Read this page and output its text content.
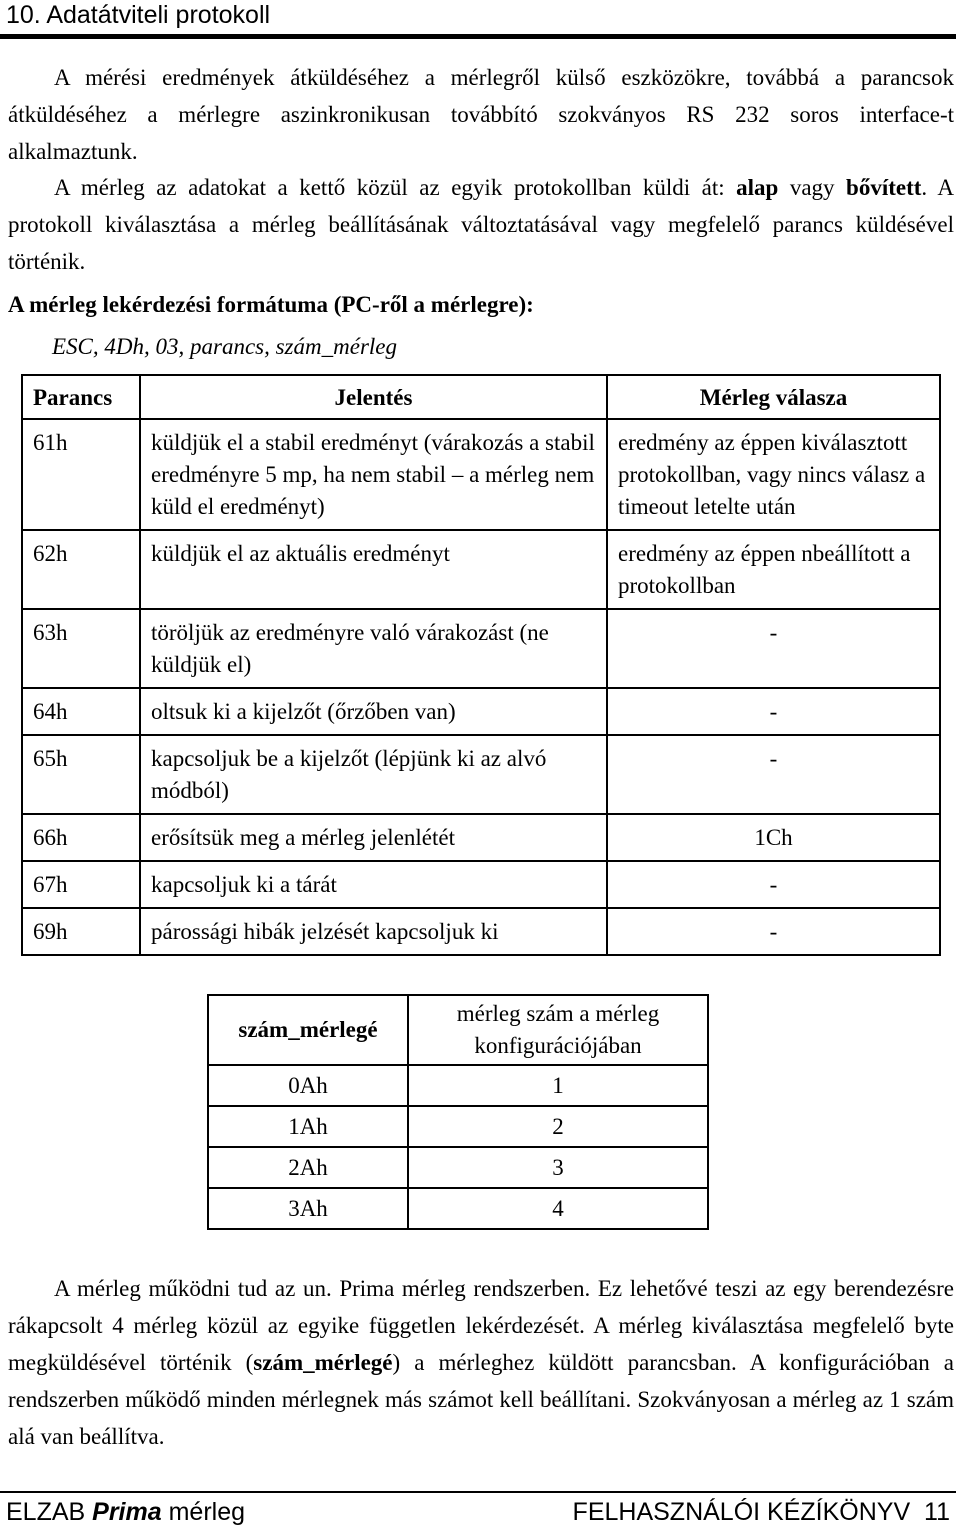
10. Adatátviteli protokoll

A mérési eredmények átküldéséhez a mérlegről külső eszközökre, továbbá a parancsok átküldéséhez a mérlegre aszinkronikusan továbbító szokványos RS 232 soros interface-t alkalmaztunk.

A mérleg az adatokat a kettő közül az egyik protokollban küldi át: alap vagy bővített. A protokoll kiválasztása a mérleg beállításának változtatásával vagy megfelelő parancs küldésével történik.

A mérleg lekérdezési formátuma (PC-ről a mérlegre):

ESC, 4Dh, 03, parancs, szám_mérleg

Parancs	Jelentés	Mérleg válasza
61h	küldjük el a stabil eredményt (várakozás a stabil eredményre 5 mp, ha nem stabil – a mérleg nem küld el eredményt)	eredmény az éppen kiválasztott protokollban, vagy nincs válasz a timeout letelte után
62h	küldjük el az aktuális eredményt	eredmény az éppen nbeállított a protokollban
63h	töröljük az eredményre való várakozást (ne küldjük el)	-
64h	oltsuk ki a kijelzőt (őrzőben van)	-
65h	kapcsoljuk be a kijelzőt (lépjünk ki az alvó módból)	-
66h	erősítsük meg a mérleg jelenlétét	1Ch
67h	kapcsoljuk ki a tárát	-
69h	párossági hibák jelzését kapcsoljuk ki	-
szám_mérlegé	mérleg szám a mérleg konfigurációjában
0Ah	1
1Ah	2
2Ah	3
3Ah	4

A mérleg működni tud az un. Prima mérleg rendszerben. Ez lehetővé teszi az egy berendezésre rákapcsolt 4 mérleg közül az egyike független lekérdezését. A mérleg kiválasztása megfelelő byte megküldésével történik (szám_mérlegé) a mérleghez küldött parancsban. A konfigurációban a rendszerben működő minden mérlegnek más számot kell beállítani. Szokványosan a mérleg az 1 szám alá van beállítva.

ELZAB Prima mérleg	FELHASZNÁLÓI KÉZÍKÖNYV 11
